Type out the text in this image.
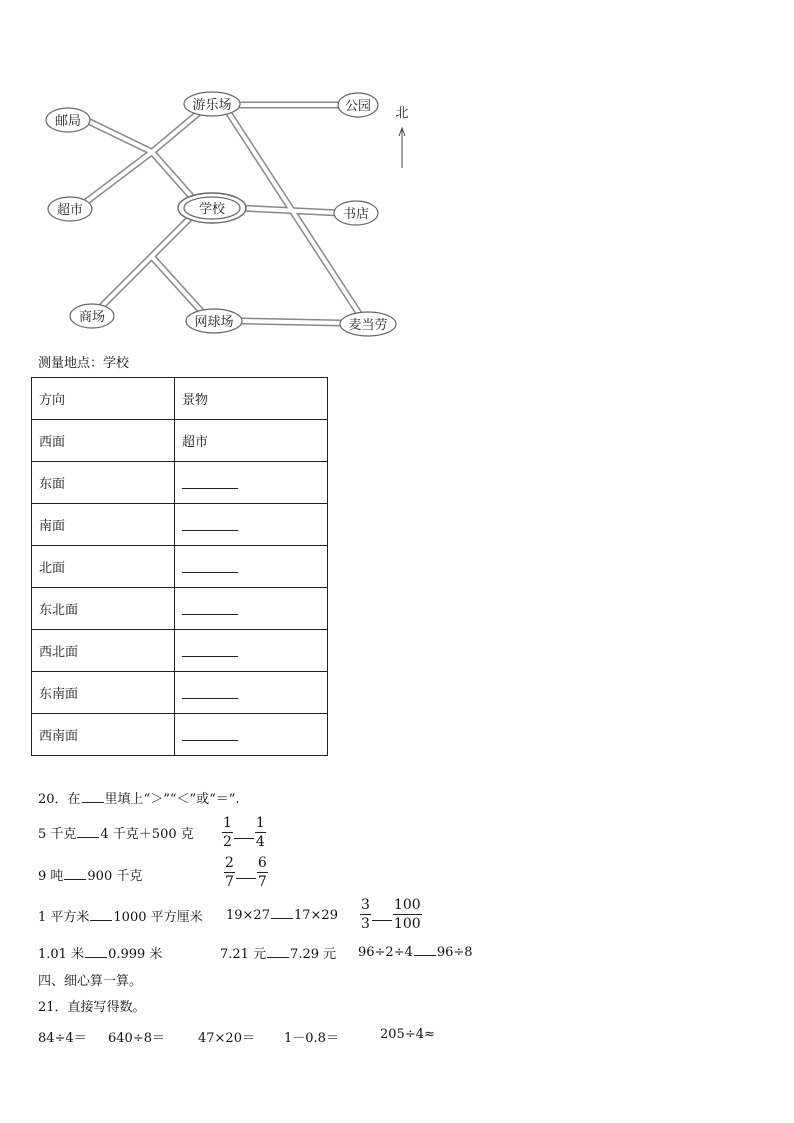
邮局
游乐场	公园
超市	学校	书店
商场	网球场	麦当劳
北
测量地点：学校
方向	景物
西面	超市
东面	
南面	
北面	
东北面	
西北面	
东南面	
西南面	
20．在 里填上“＞”“＜”或“＝”.
5 千克 4 千克＋500 克 $\frac{1}{2} \frac{1}{4}$
9 吨 900 千克	$\frac{2}{7} \frac{6}{7}$
1 平方米 1000 平方厘米 19×27 $17\times 29 \frac{3}{3} \frac{100}{100}$
1.01 米 0.999 米	7.21 元 7.29 元 96÷2÷4 96÷8
四、细心算一算。
21．直接写得数。
84÷4＝ 640÷8＝	47×20＝ 1－0.8＝	205÷4≈
